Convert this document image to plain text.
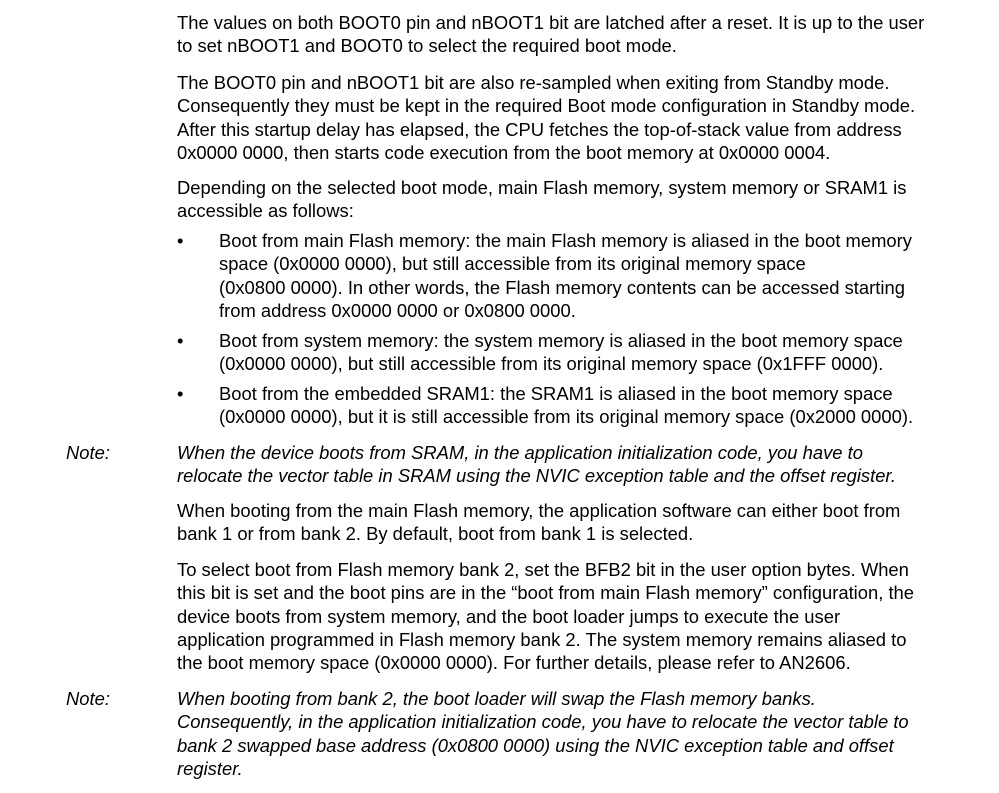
The values on both BOOT0 pin and nBOOT1 bit are latched after a reset. It is up to the user
to set nBOOT1 and BOOT0 to select the required boot mode.

The BOOT0 pin and nBOOT1 bit are also re-sampled when exiting from Standby mode.
Consequently they must be kept in the required Boot mode configuration in Standby mode.
After this startup delay has elapsed, the CPU fetches the top-of-stack value from address
0x0000 0000, then starts code execution from the boot memory at 0x0000 0004.

Depending on the selected boot mode, main Flash memory, system memory or SRAM1 is
accessible as follows:

• Boot from main Flash memory: the main Flash memory is aliased in the boot memory
space (0x0000 0000), but still accessible from its original memory space
(0x0800 0000). In other words, the Flash memory contents can be accessed starting
from address 0x0000 0000 or 0x0800 0000.
• Boot from system memory: the system memory is aliased in the boot memory space
(0x0000 0000), but still accessible from its original memory space (0x1FFF 0000).
• Boot from the embedded SRAM1: the SRAM1 is aliased in the boot memory space
(0x0000 0000), but it is still accessible from its original memory space (0x2000 0000).
Note:	When the device boots from SRAM, in the application initialization code, you have to
relocate the vector table in SRAM using the NVIC exception table and the offset register.

When booting from the main Flash memory, the application software can either boot from
bank 1 or from bank 2. By default, boot from bank 1 is selected.

To select boot from Flash memory bank 2, set the BFB2 bit in the user option bytes. When
this bit is set and the boot pins are in the “boot from main Flash memory” configuration, the
device boots from system memory, and the boot loader jumps to execute the user
application programmed in Flash memory bank 2. The system memory remains aliased to
the boot memory space (0x0000 0000). For further details, please refer to AN2606.

Note:	When booting from bank 2, the boot loader will swap the Flash memory banks.
Consequently, in the application initialization code, you have to relocate the vector table to
bank 2 swapped base address (0x0800 0000) using the NVIC exception table and offset
register.
